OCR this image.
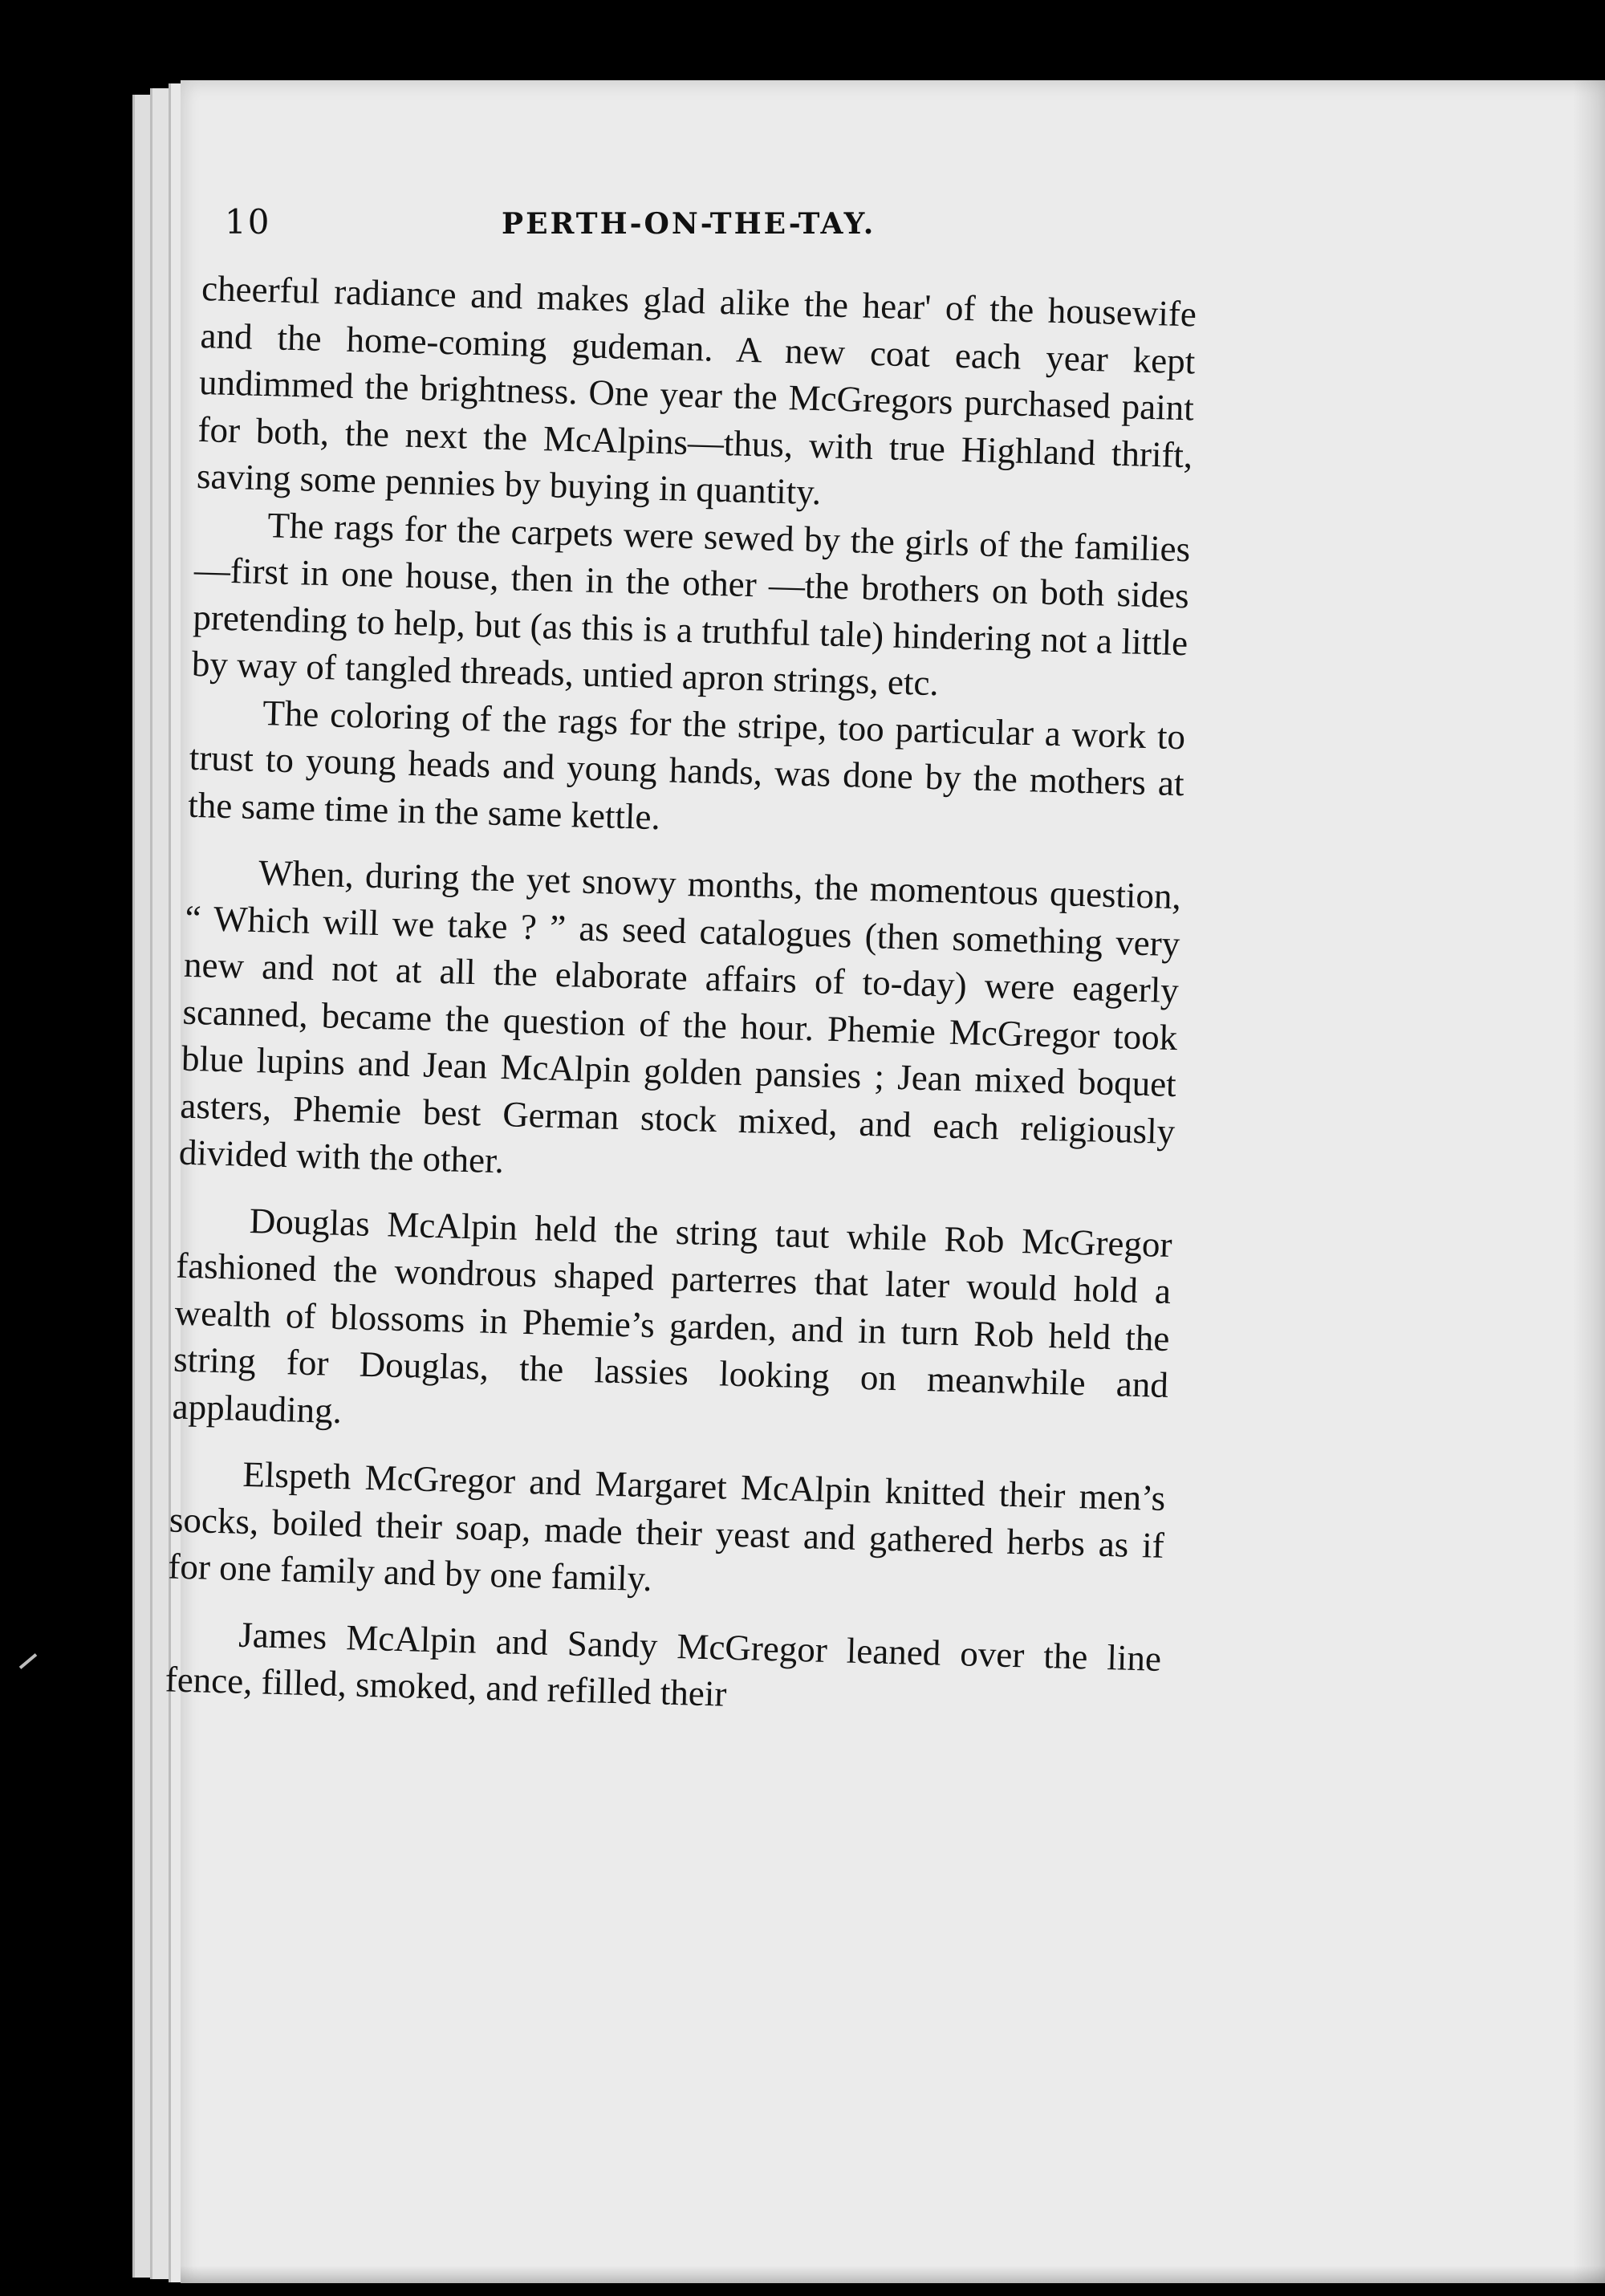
10	PERTH-ON-THE-TAY.

cheerful radiance and makes glad alike the hear' of the housewife and the home-coming gudeman. A new coat each year kept undimmed the brightness. One year the McGregors purchased paint for both, the next the McAlpins—thus, with true Highland thrift, saving some pennies by buying in quantity.

The rags for the carpets were sewed by the girls of the families—first in one house, then in the other —the brothers on both sides pretending to help, but (as this is a truthful tale) hindering not a little by way of tangled threads, untied apron strings, etc.

The coloring of the rags for the stripe, too particular a work to trust to young heads and young hands, was done by the mothers at the same time in the same kettle.

When, during the yet snowy months, the momentous question, “ Which will we take ? ” as seed catalogues (then something very new and not at all the elaborate affairs of to-day) were eagerly scanned, became the question of the hour. Phemie McGregor took blue lupins and Jean McAlpin golden pansies ; Jean mixed boquet asters, Phemie best German stock mixed, and each religiously divided with the other.

Douglas McAlpin held the string taut while Rob McGregor fashioned the wondrous shaped parterres that later would hold a wealth of blossoms in Phemie’s garden, and in turn Rob held the string for Douglas, the lassies looking on meanwhile and applauding.

Elspeth McGregor and Margaret McAlpin knitted their men’s socks, boiled their soap, made their yeast and gathered herbs as if for one family and by one family.

James McAlpin and Sandy McGregor leaned over the line fence, filled, smoked, and refilled their
